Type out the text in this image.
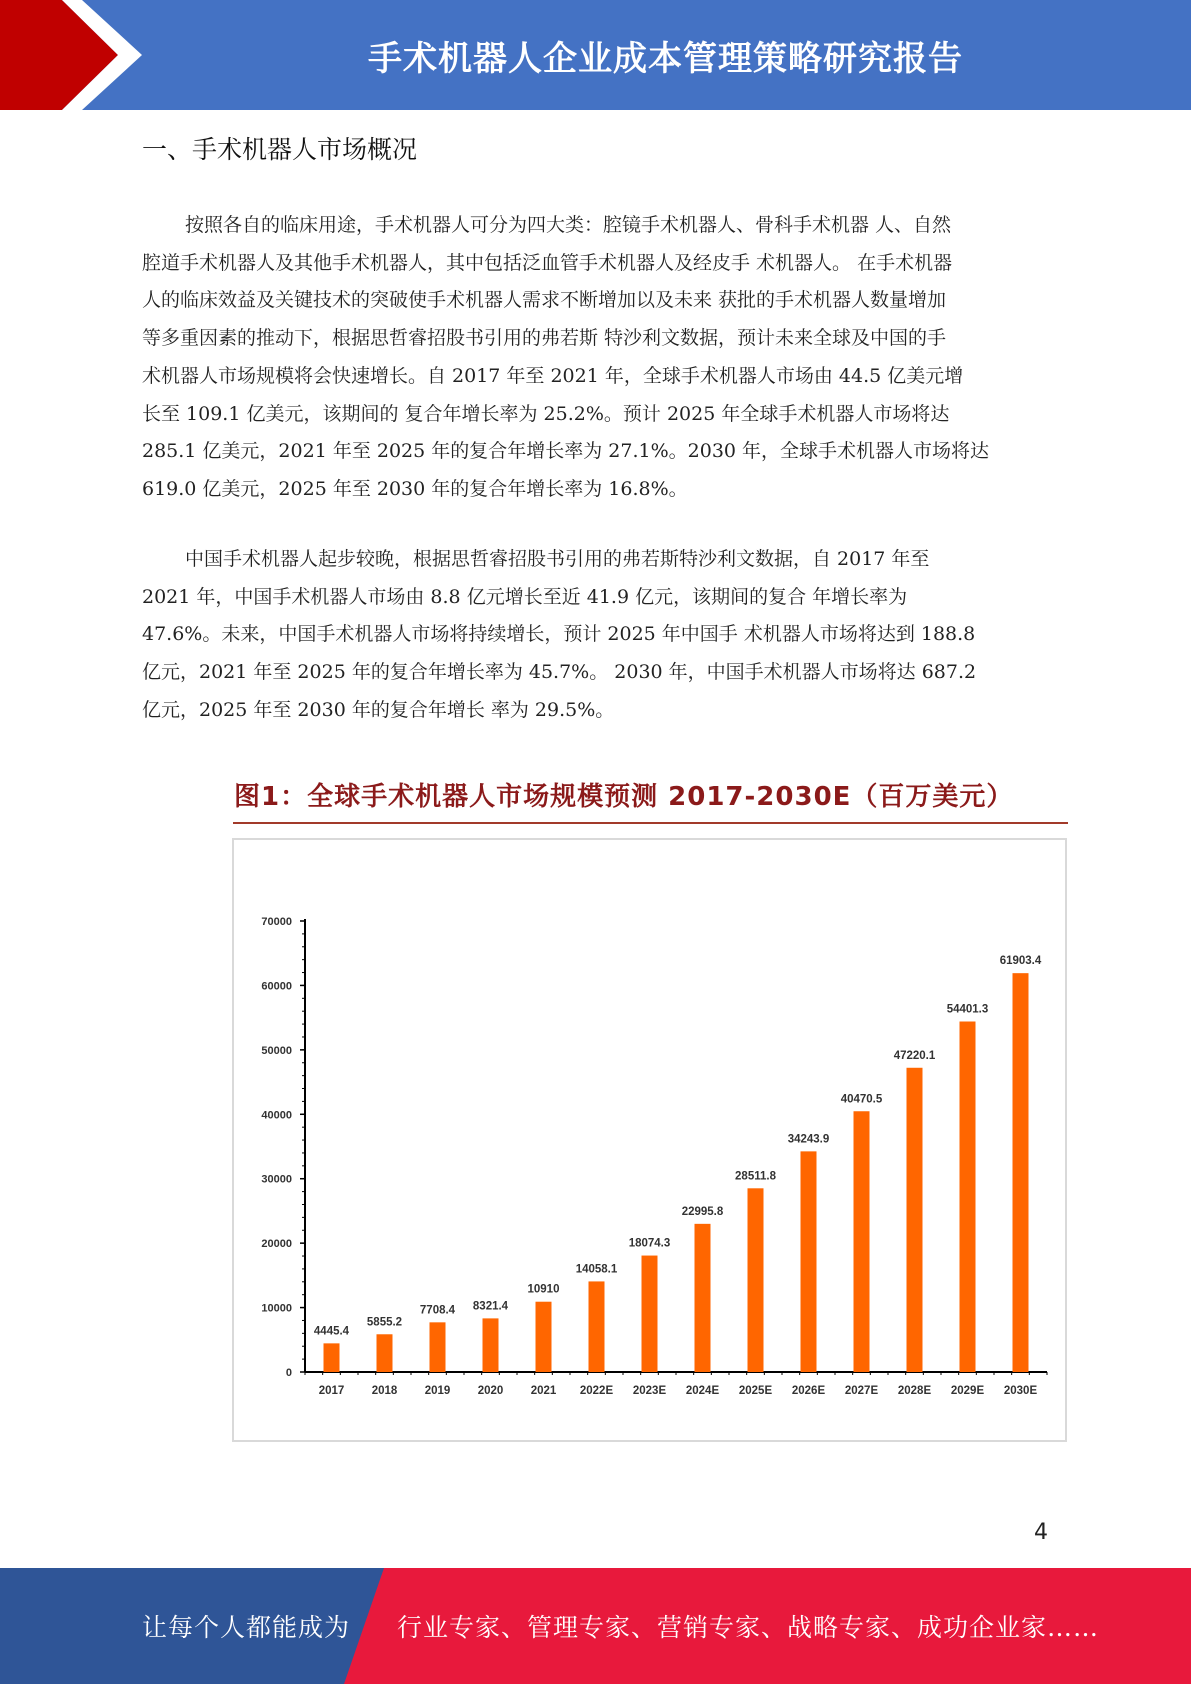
手术机器人企业成本管理策略研究报告
一、手术机器人市场概况

按照各自的临床用途，手术机器人可分为四大类：腔镜手术机器人、骨科手术机器 人、自然
腔道手术机器人及其他手术机器人，其中包括泛血管手术机器人及经皮手 术机器人。 在手术机器
人的临床效益及关键技术的突破使手术机器人需求不断增加以及未来 获批的手术机器人数量增加
等多重因素的推动下，根据思哲睿招股书引用的弗若斯 特沙利文数据，预计未来全球及中国的手
术机器人市场规模将会快速增长。自 2017 年至 2021 年，全球手术机器人市场由 44.5 亿美元增
长至 109.1 亿美元，该期间的 复合年增长率为 25.2%。预计 2025 年全球手术机器人市场将达
285.1 亿美元，2021 年至 2025 年的复合年增长率为 27.1%。2030 年，全球手术机器人市场将达
619.0 亿美元，2025 年至 2030 年的复合年增长率为 16.8%。

中国手术机器人起步较晚，根据思哲睿招股书引用的弗若斯特沙利文数据，自 2017 年至
2021 年，中国手术机器人市场由 8.8 亿元增长至近 41.9 亿元，该期间的复合 年增长率为
47.6%。未来，中国手术机器人市场将持续增长，预计 2025 年中国手 术机器人市场将达到 188.8
亿元，2021 年至 2025 年的复合年增长率为 45.7%。 2030 年，中国手术机器人市场将达 687.2
亿元，2025 年至 2030 年的复合年增长 率为 29.5%。

图1：全球手术机器人市场规模预测 2017-2030E（百万美元）
0
10000
20000
30000
40000
50000
60000
70000
4445.4
2017
5855.2
2018
7708.4
2019
8321.4
2020
10910
2021
14058.1
2022E
18074.3
2023E
22995.8
2024E
28511.8
2025E
34243.9
2026E
40470.5
2027E
47220.1
2028E
54401.3
2029E
61903.4
2030E
4
让每个人都能成为 行业专家、管理专家、营销专家、战略专家、成功企业家……
